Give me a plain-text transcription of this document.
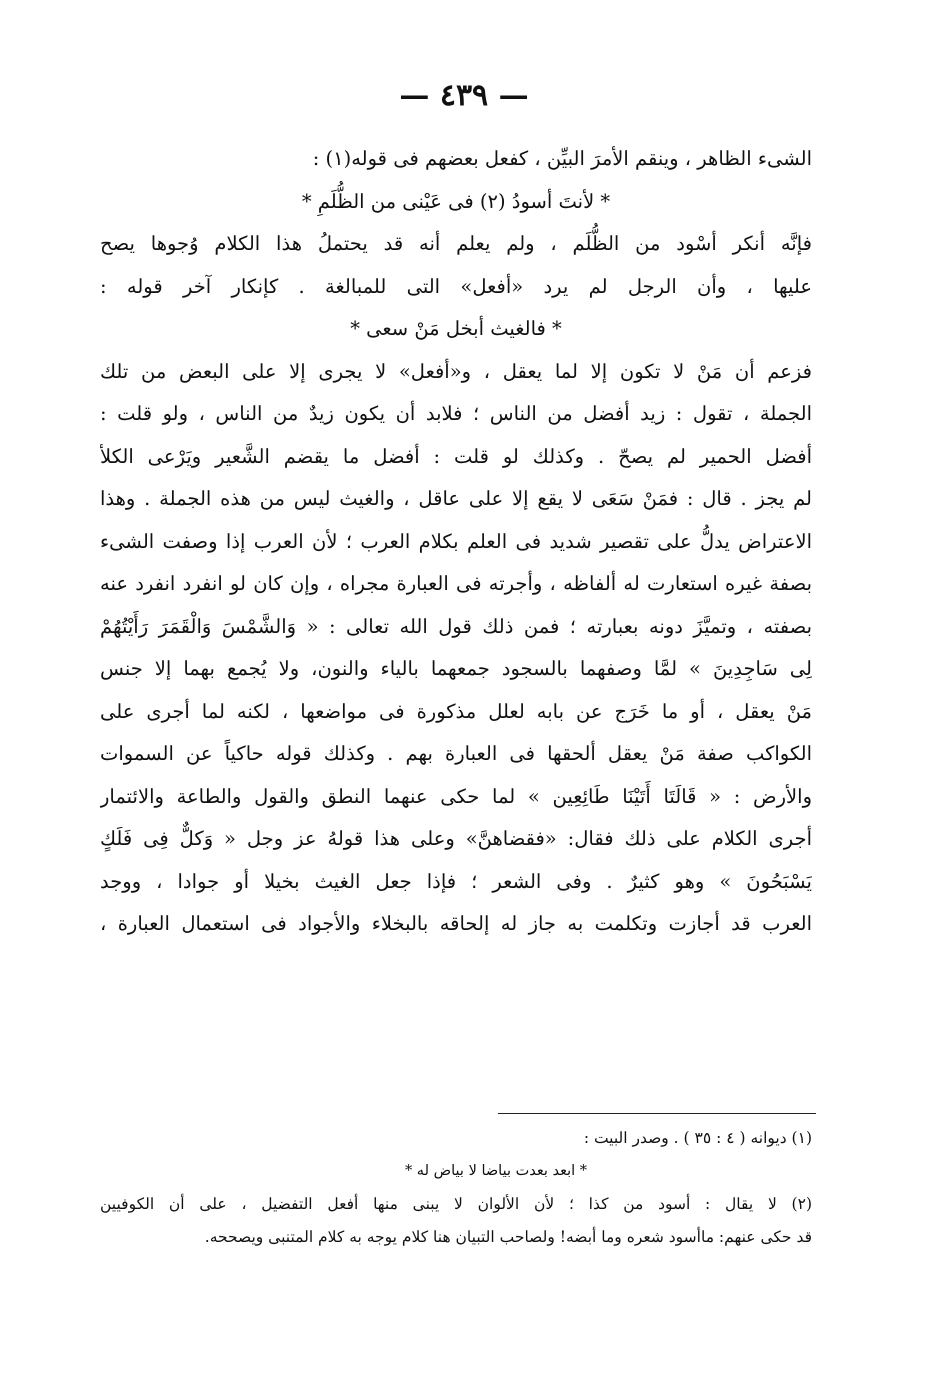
— ٤٣٩ —
الشىء الظاهر ، وينقم الأمرَ البيِّن ، كفعل بعضهم فى قوله(١) :
* لأنتَ أسودُ (٢) فى عَيْنى من الظُّلَمِ *
فإنَّه أنكر أسْود من الظُّلَم ، ولم يعلم أنه قد يحتملُ هذا الكلام وُجوها يصح
عليها ، وأن الرجل لم يرد «أفعل» التى للمبالغة . كإنكار آخر قوله :
* فالغيث أبخل مَنْ سعى *
فزعم أن مَنْ لا تكون إلا لما يعقل ، و«أفعل» لا يجرى إلا على البعض من تلك
الجملة ، تقول : زيد أفضل من الناس ؛ فلابد أن يكون زيدٌ من الناس ، ولو قلت :
أفضل الحمير لم يصحّ . وكذلك لو قلت : أفضل ما يقضم الشَّعير ويَرْعى الكلأ
لم يجز . قال : فمَنْ سَعَى لا يقع إلا على عاقل ، والغيث ليس من هذه الجملة . وهذا
الاعتراض يدلُّ على تقصير شديد فى العلم بكلام العرب ؛ لأن العرب إذا وصفت الشىء
بصفة غيره استعارت له ألفاظه ، وأجرته فى العبارة مجراه ، وإن كان لو انفرد انفرد عنه
بصفته ، وتميَّزَ دونه بعبارته ؛ فمن ذلك قول الله تعالى : « وَالشَّمْسَ وَالْقَمَرَ رَأَيْتُهُمْ
لِى سَاجِدِينَ » لمَّا وصفهما بالسجود جمعهما بالياء والنون، ولا يُجمع بهما إلا جنس
مَنْ يعقل ، أو ما خَرَج عن بابه لعلل مذكورة فى مواضعها ، لكنه لما أجرى على
الكواكب صفة مَنْ يعقل ألحقها فى العبارة بهم . وكذلك قوله حاكياً عن السموات
والأرض : « قَالَتَا أَتَيْنَا طَائِعِين » لما حكى عنهما النطق والقول والطاعة والائتمار
أجرى الكلام على ذلك فقال: «فقضاهنَّ» وعلى هذا قولهُ عز وجل « وَكلٌّ فِى فَلَكٍ
يَسْبَحُونَ » وهو كثيرٌ . وفى الشعر ؛ فإذا جعل الغيث بخيلا أو جوادا ، ووجد
العرب قد أجازت وتكلمت به جاز له إلحاقه بالبخلاء والأجواد فى استعمال العبارة ،
(١) ديوانه ( ٤ : ٣٥ ) . وصدر البيت :
* ابعد بعدت بياضا لا بياض له *
(٢) لا يقال : أسود من كذا ؛ لأن الألوان لا يبنى منها أفعل التفضيل ، على أن الكوفيين
قد حكى عنهم: ماأسود شعره وما أبضه! ولصاحب التبيان هنا كلام يوجه به كلام المتنبى ويصححه.
